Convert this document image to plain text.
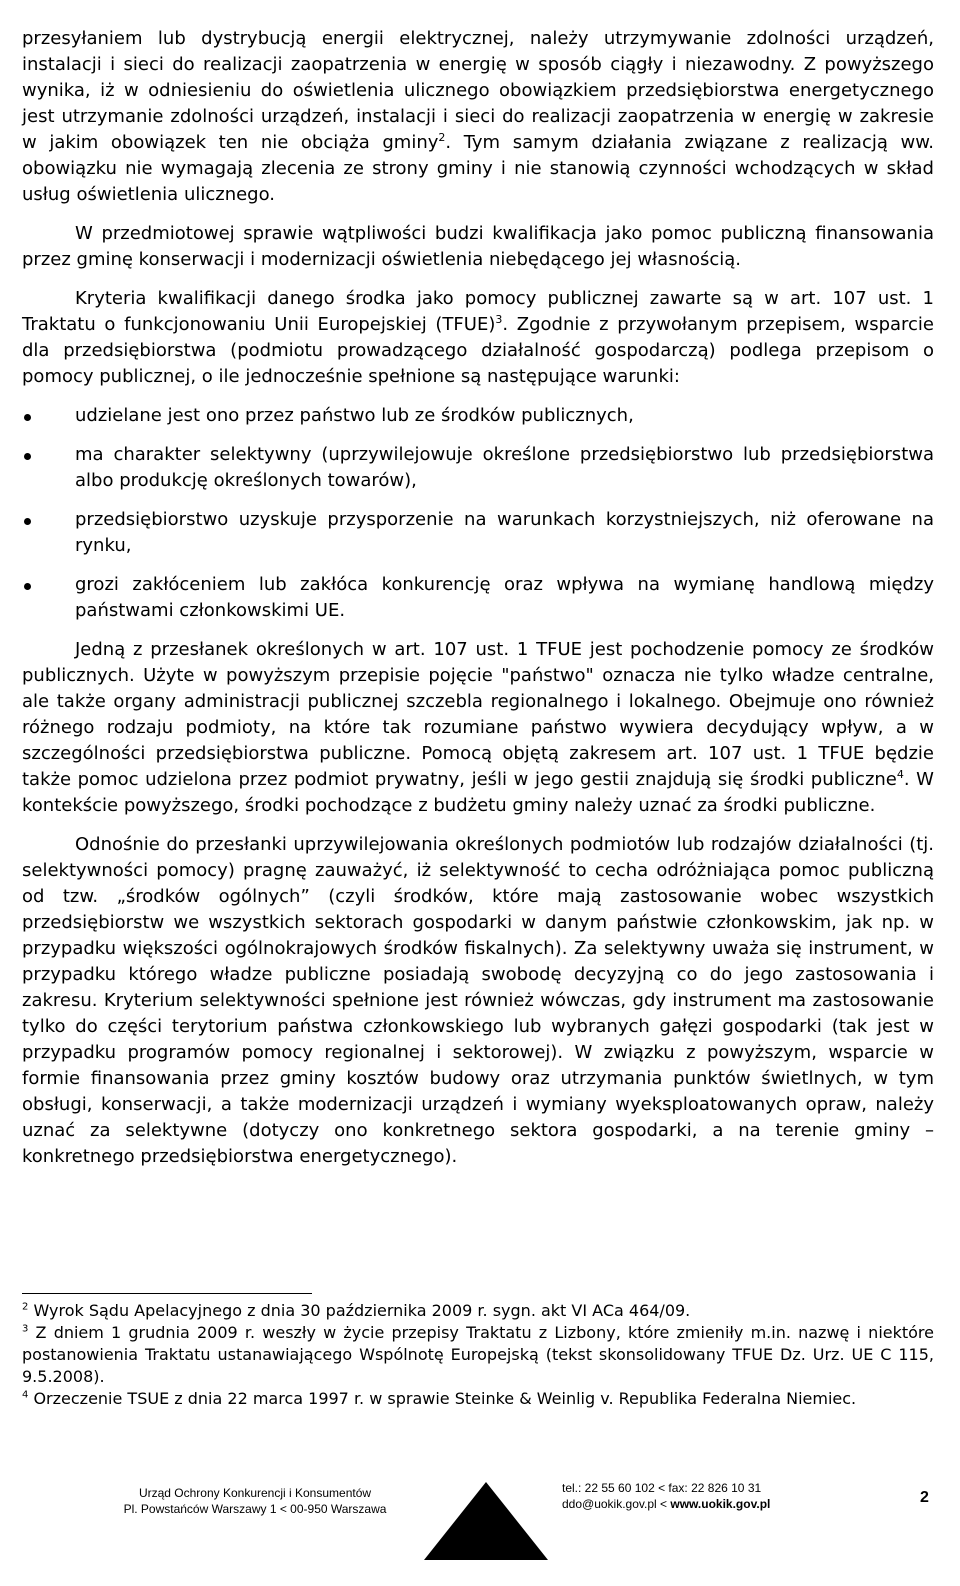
przesyłaniem lub dystrybucją energii elektrycznej, należy utrzymywanie zdolności urządzeń, instalacji i sieci do realizacji zaopatrzenia w energię w sposób ciągły i niezawodny. Z powyższego wynika, iż w odniesieniu do oświetlenia ulicznego obowiązkiem przedsiębiorstwa energetycznego jest utrzymanie zdolności urządzeń, instalacji i sieci do realizacji zaopatrzenia w energię w zakresie w jakim obowiązek ten nie obciąża gminy$^2$. Tym samym działania związane z realizacją ww. obowiązku nie wymagają zlecenia ze strony gminy i nie stanowią czynności wchodzących w skład usług oświetlenia ulicznego.

W przedmiotowej sprawie wątpliwości budzi kwalifikacja jako pomoc publiczną finansowania przez gminę konserwacji i modernizacji oświetlenia niebędącego jej własnością.

Kryteria kwalifikacji danego środka jako pomocy publicznej zawarte są w art. 107 ust. 1 Traktatu o funkcjonowaniu Unii Europejskiej (TFUE)$^3$. Zgodnie z przywołanym przepisem, wsparcie dla przedsiębiorstwa (podmiotu prowadzącego działalność gospodarczą) podlega przepisom o pomocy publicznej, o ile jednocześnie spełnione są następujące warunki:

udzielane jest ono przez państwo lub ze środków publicznych,
ma charakter selektywny (uprzywilejowuje określone przedsiębiorstwo lub przedsiębiorstwa albo produkcję określonych towarów),
przedsiębiorstwo uzyskuje przysporzenie na warunkach korzystniejszych, niż oferowane na rynku,
grozi zakłóceniem lub zakłóca konkurencję oraz wpływa na wymianę handlową między państwami członkowskimi UE.

Jedną z przesłanek określonych w art. 107 ust. 1 TFUE jest pochodzenie pomocy ze środków publicznych. Użyte w powyższym przepisie pojęcie "państwo" oznacza nie tylko władze centralne, ale także organy administracji publicznej szczebla regionalnego i lokalnego. Obejmuje ono również różnego rodzaju podmioty, na które tak rozumiane państwo wywiera decydujący wpływ, a w szczególności przedsiębiorstwa publiczne. Pomocą objętą zakresem art. 107 ust. 1 TFUE będzie także pomoc udzielona przez podmiot prywatny, jeśli w jego gestii znajdują się środki publiczne$^4$. W kontekście powyższego, środki pochodzące z budżetu gminy należy uznać za środki publiczne.

Odnośnie do przesłanki uprzywilejowania określonych podmiotów lub rodzajów działalności (tj. selektywności pomocy) pragnę zauważyć, iż selektywność to cecha odróżniająca pomoc publiczną od tzw. „środków ogólnych” (czyli środków, które mają zastosowanie wobec wszystkich przedsiębiorstw we wszystkich sektorach gospodarki w danym państwie członkowskim, jak np. w przypadku większości ogólnokrajowych środków fiskalnych). Za selektywny uważa się instrument, w przypadku którego władze publiczne posiadają swobodę decyzyjną co do jego zastosowania i zakresu. Kryterium selektywności spełnione jest również wówczas, gdy instrument ma zastosowanie tylko do części terytorium państwa członkowskiego lub wybranych gałęzi gospodarki (tak jest w przypadku programów pomocy regionalnej i sektorowej). W związku z powyższym, wsparcie w formie finansowania przez gminy kosztów budowy oraz utrzymania punktów świetlnych, w tym obsługi, konserwacji, a także modernizacji urządzeń i wymiany wyeksploatowanych opraw, należy uznać za selektywne (dotyczy ono konkretnego sektora gospodarki, a na terenie gminy – konkretnego przedsiębiorstwa energetycznego).

$^2$ Wyrok Sądu Apelacyjnego z dnia 30 października 2009 r. sygn. akt VI ACa 464/09.

$^3$ Z dniem 1 grudnia 2009 r. weszły w życie przepisy Traktatu z Lizbony, które zmieniły m.in. nazwę i niektóre postanowienia Traktatu ustanawiającego Wspólnotę Europejską (tekst skonsolidowany TFUE Dz. Urz. UE C 115, 9.5.2008).

$^4$ Orzeczenie TSUE z dnia 22 marca 1997 r. w sprawie Steinke & Weinlig v. Republika Federalna Niemiec.

Urząd Ochrony Konkurencji i Konsumentów
Pl. Powstańców Warszawy 1 < 00-950 Warszawa
tel.: 22 55 60 102 < fax: 22 826 10 31
ddo@uokik.gov.pl < www.uokik.gov.pl	2
